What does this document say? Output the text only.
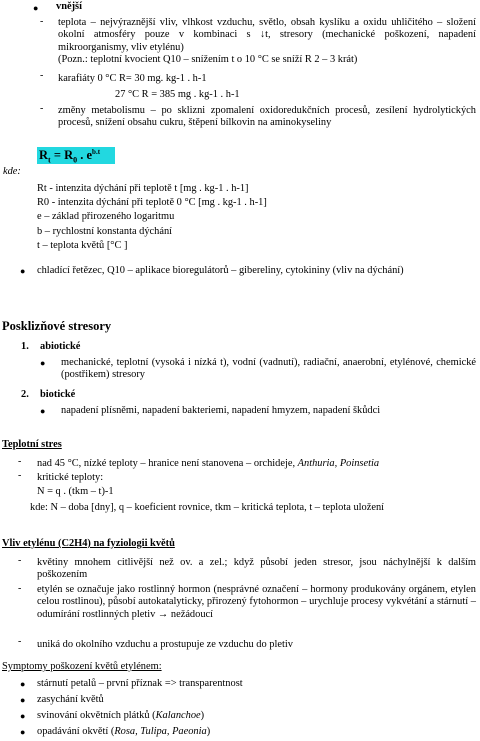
● vnější
- teplota – nejvýraznější vliv, vlhkost vzduchu, světlo, obsah kyslíku a oxidu uhličitého – složení okolní atmosféry pouze v kombinaci s ↓t, stresory (mechanické poškození, napadení mikroorganismy, vliv etylénu)
(Pozn.: teplotní kvocient Q10 – snížením t o 10 °C se sníží R 2 – 3 krát)
- karafiáty 0 °C R= 30 mg. kg-1 . h-1
27 °C R = 385 mg . kg-1 . h-1
- změny metabolismu – po sklizni zpomalení oxidoredukčních procesů, zesílení hydrolytických procesů, snížení obsahu cukru, štěpení bílkovin na aminokyseliny
$R_t = R_0$ . $e^{b.t}$
kde:
Rt - intenzita dýchání při teplotě t [mg . kg-1 . h-1]
R0 - intenzita dýchání při teplotě 0 °C [mg . kg-1 . h-1]
e – základ přirozeného logaritmu
b – rychlostní konstanta dýchání
t – teplota květů [°C ]
● chladící řetězec, Q10 – aplikace bioregulátorů – gibereliny, cytokininy (vliv na dýchání)
Posklizňové stresory
1. abiotické
● mechanické, teplotní (vysoká i nízká t), vodní (vadnutí), radiační, anaerobní, etylénové, chemické (postřikem) stresory
2. biotické
● napadení plísněmi, napadení bakteriemi, napadení hmyzem, napadení škůdci
Teplotní stres
- nad 45 °C, nízké teploty – hranice není stanovena – orchideje, Anthuria, Poinsetia
- kritické teploty:
N = q . (tkm – t)-1
kde: N – doba [dny], q – koeficient rovnice, tkm – kritická teplota, t – teplota uložení
Vliv etylénu (C2H4) na fyziologii květů
- květiny mnohem citlivější než ov. a zel.; když působí jeden stresor, jsou náchylnější k dalším poškozením
- etylén se označuje jako rostlinný hormon (nesprávné označení – hormony produkovány orgánem, etylen celou rostlinou), působí autokatalyticky, přirozený fytohormon – urychluje procesy vykvétání a stárnutí – odumírání rostlinných pletiv → nežádoucí
- uniká do okolního vzduchu a prostupuje ze vzduchu do pletiv
Symptomy poškození květů etylénem:
● stárnutí petalů – první příznak => transparentnost
● zasychání květů
● svinování okvětních plátků (Kalanchoe)
● opadávání okvětí (Rosa, Tulipa, Paeonia)
